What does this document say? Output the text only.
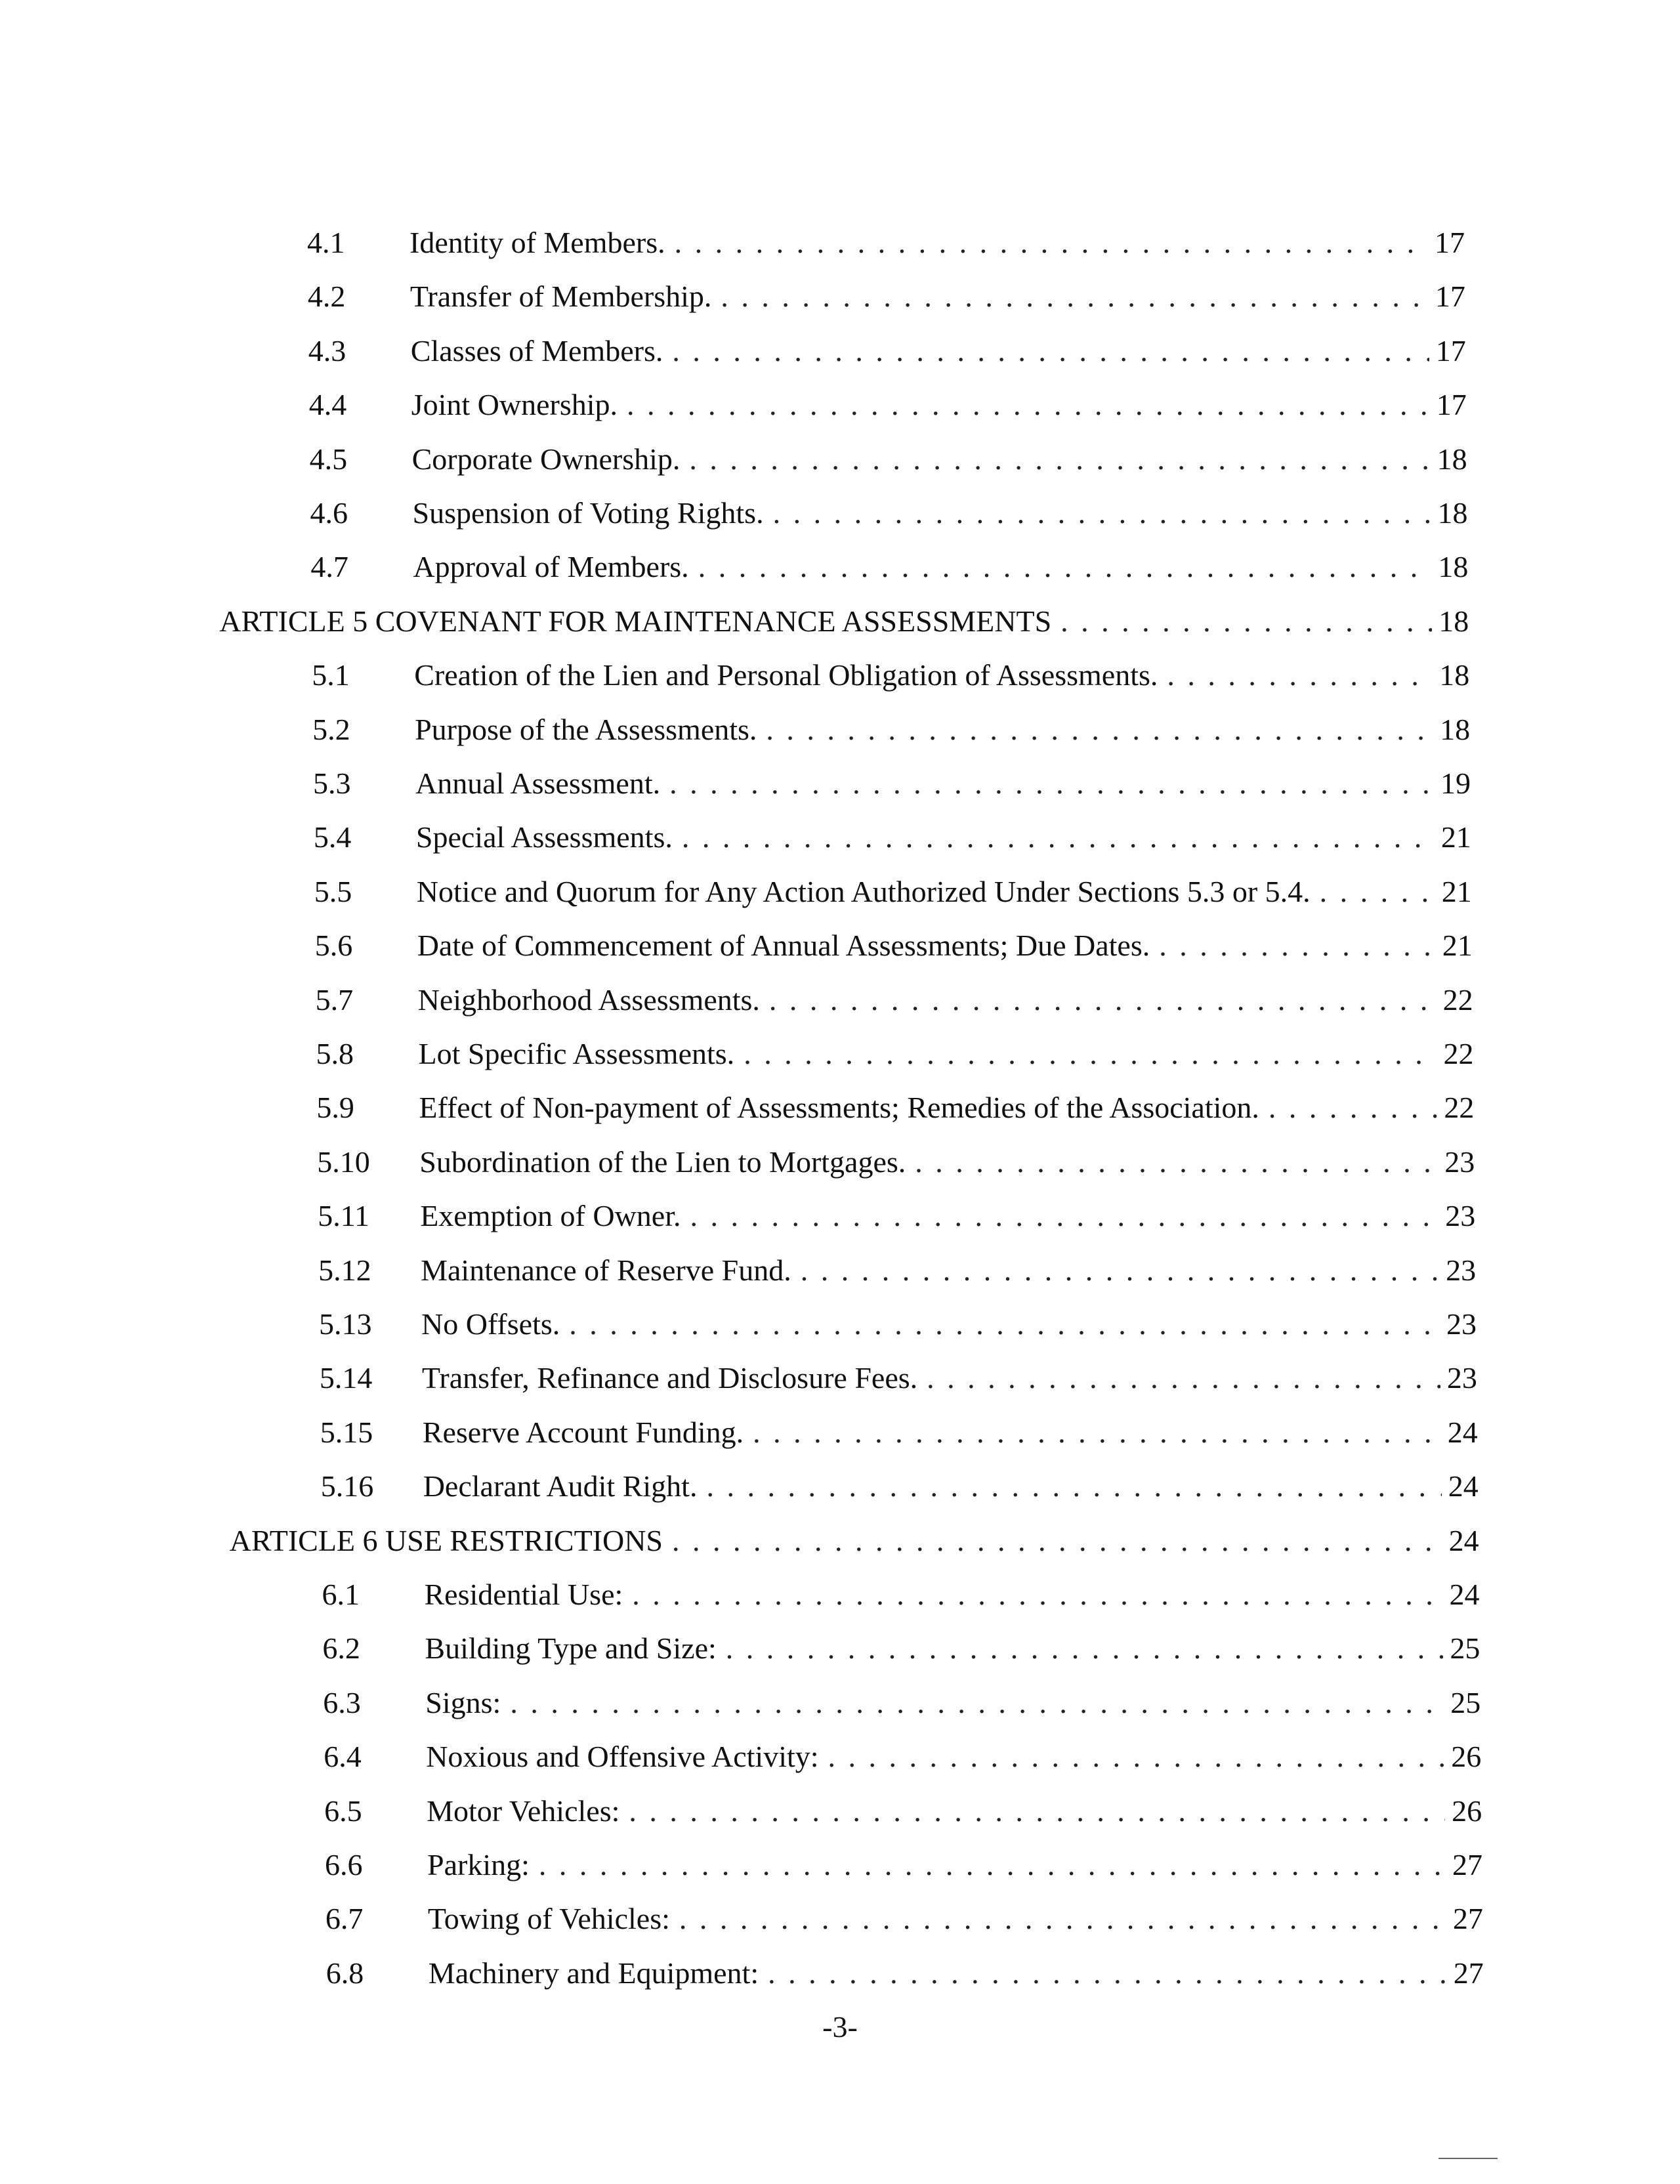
4.1	Identity of Members. . . .	17
4.2	Transfer of Membership. . . .	17
4.3	Classes of Members. . . .	17
4.4	Joint Ownership. . . .	17
4.5	Corporate Ownership. . . .	18
4.6	Suspension of Voting Rights. . . .	18
4.7	Approval of Members. . . .	18
ARTICLE 5 COVENANT FOR MAINTENANCE ASSESSMENTS . . .	18
5.1	Creation of the Lien and Personal Obligation of Assessments. . . .	18
5.2	Purpose of the Assessments. . . .	18
5.3	Annual Assessment. . . .	19
5.4	Special Assessments. . . .	21
5.5	Notice and Quorum for Any Action Authorized Under Sections 5.3 or 5.4. . . .	21
5.6	Date of Commencement of Annual Assessments; Due Dates. . . .	21
5.7	Neighborhood Assessments. . . .	22
5.8	Lot Specific Assessments. . . .	22
5.9	Effect of Non-payment of Assessments; Remedies of the Association. . . .	22
5.10	Subordination of the Lien to Mortgages. . . .	23
5.11	Exemption of Owner. . . .	23
5.12	Maintenance of Reserve Fund. . . .	23
5.13	No Offsets. . . .	23
5.14	Transfer, Refinance and Disclosure Fees. . . .	23
5.15	Reserve Account Funding. . . .	24
5.16	Declarant Audit Right. . . .	24
ARTICLE 6 USE RESTRICTIONS . . .	24
6.1	Residential Use: . . .	24
6.2	Building Type and Size: . . .	25
6.3	Signs: . . .	25
6.4	Noxious and Offensive Activity: . . .	26
6.5	Motor Vehicles: . . .	26
6.6	Parking: . . .	27
6.7	Towing of Vehicles: . . .	27
6.8	Machinery and Equipment: . . .	27
-3-
